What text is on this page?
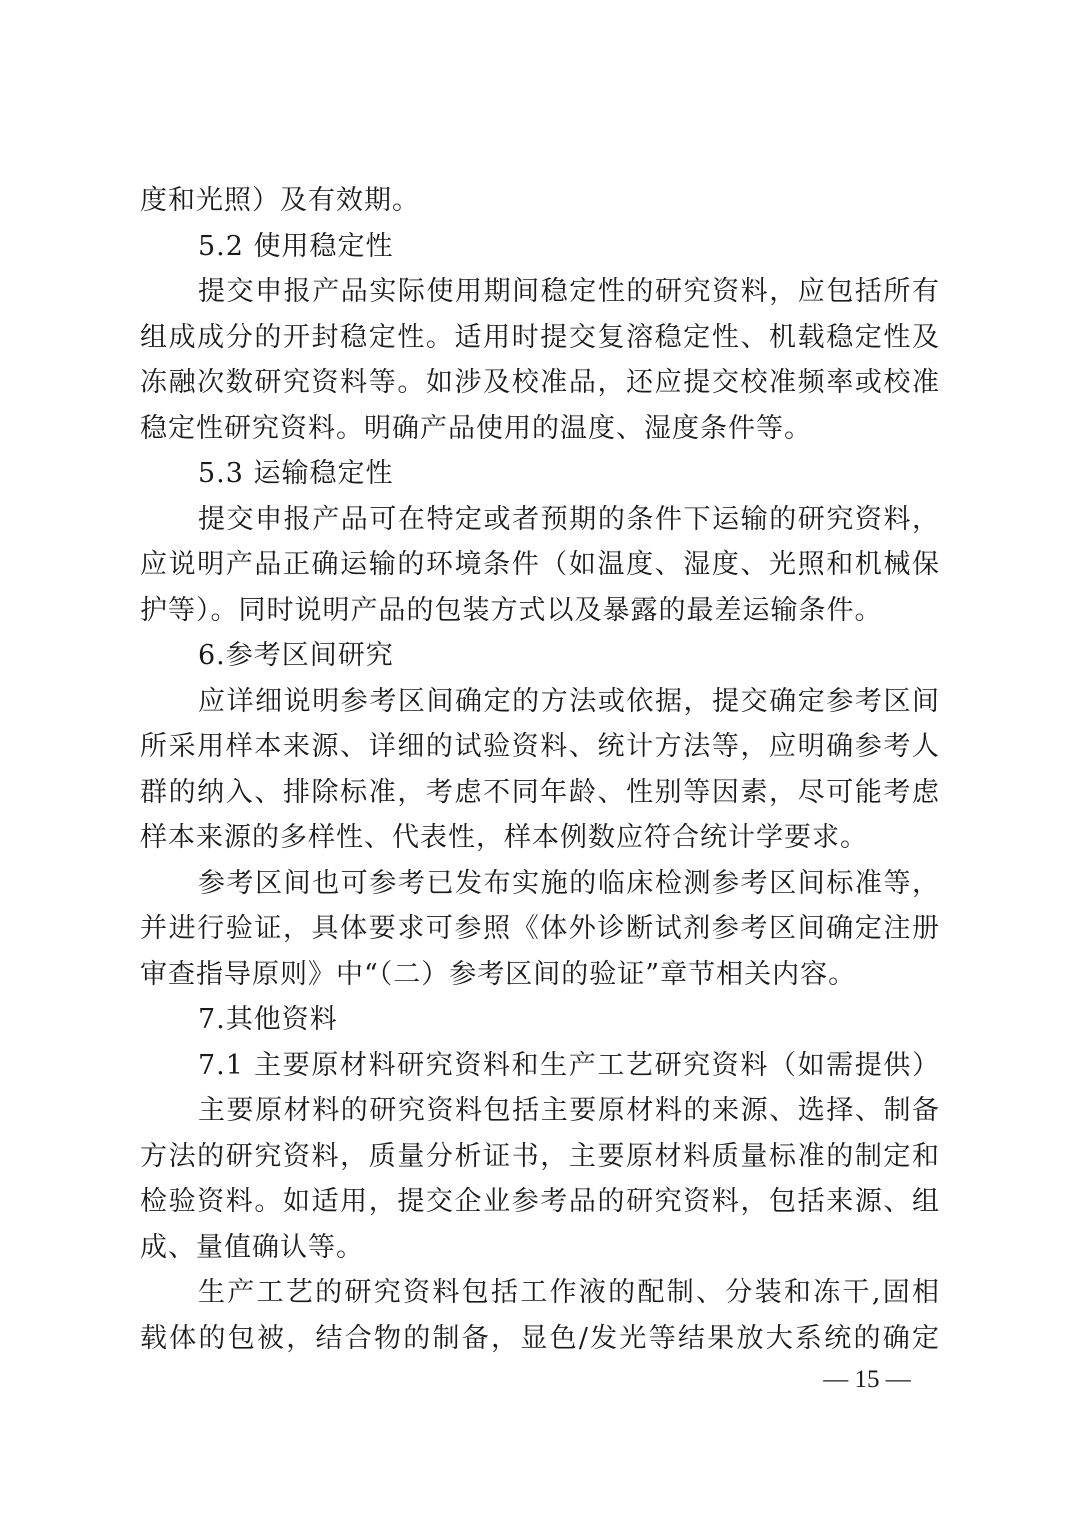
度和光照）及有效期。
5.2 使用稳定性
提交申报产品实际使用期间稳定性的研究资料，应包括所有
组成成分的开封稳定性。适用时提交复溶稳定性、机载稳定性及
冻融次数研究资料等。如涉及校准品，还应提交校准频率或校准
稳定性研究资料。明确产品使用的温度、湿度条件等。
5.3 运输稳定性
提交申报产品可在特定或者预期的条件下运输的研究资料，
应说明产品正确运输的环境条件（如温度、湿度、光照和机械保
护等）。同时说明产品的包装方式以及暴露的最差运输条件。
6.参考区间研究
应详细说明参考区间确定的方法或依据，提交确定参考区间
所采用样本来源、详细的试验资料、统计方法等，应明确参考人
群的纳入、排除标准，考虑不同年龄、性别等因素，尽可能考虑
样本来源的多样性、代表性，样本例数应符合统计学要求。
参考区间也可参考已发布实施的临床检测参考区间标准等，
并进行验证，具体要求可参照《体外诊断试剂参考区间确定注册
审查指导原则》中“（二）参考区间的验证”章节相关内容。
7.其他资料
7.1 主要原材料研究资料和生产工艺研究资料（如需提供）
主要原材料的研究资料包括主要原材料的来源、选择、制备
方法的研究资料，质量分析证书，主要原材料质量标准的制定和
检验资料。如适用，提交企业参考品的研究资料，包括来源、组
成、量值确认等。
生产工艺的研究资料包括工作液的配制、分装和冻干,固相
载体的包被，结合物的制备，显色/发光等结果放大系统的确定
— 15 —
